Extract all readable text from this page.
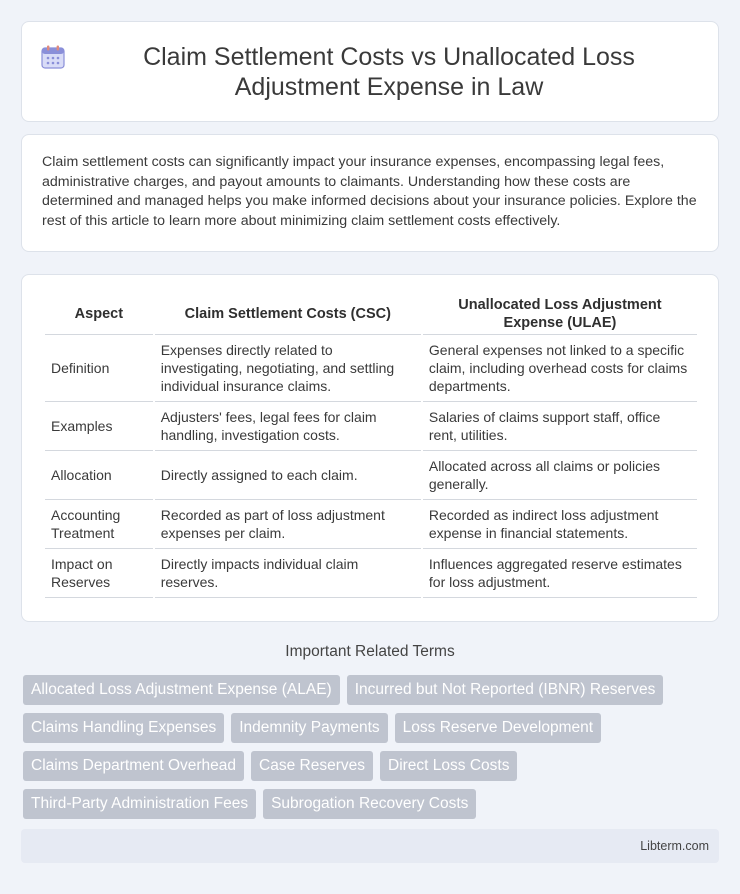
Claim Settlement Costs vs Unallocated Loss Adjustment Expense in Law

Claim settlement costs can significantly impact your insurance expenses, encompassing legal fees, administrative charges, and payout amounts to claimants. Understanding how these costs are determined and managed helps you make informed decisions about your insurance policies. Explore the rest of this article to learn more about minimizing claim settlement costs effectively.

Aspect	Claim Settlement Costs (CSC)	Unallocated Loss Adjustment Expense (ULAE)
Definition	Expenses directly related to investigating, negotiating, and settling individual insurance claims.	General expenses not linked to a specific claim, including overhead costs for claims departments.
Examples	Adjusters' fees, legal fees for claim handling, investigation costs.	Salaries of claims support staff, office rent, utilities.
Allocation	Directly assigned to each claim.	Allocated across all claims or policies generally.
Accounting Treatment	Recorded as part of loss adjustment expenses per claim.	Recorded as indirect loss adjustment expense in financial statements.
Impact on Reserves	Directly impacts individual claim reserves.	Influences aggregated reserve estimates for loss adjustment.
Important Related Terms
Allocated Loss Adjustment Expense (ALAE)	Incurred but Not Reported (IBNR) Reserves
Claims Handling Expenses	Indemnity Payments	Loss Reserve Development
Claims Department Overhead	Case Reserves	Direct Loss Costs
Third-Party Administration Fees	Subrogation Recovery Costs
Libterm.com
